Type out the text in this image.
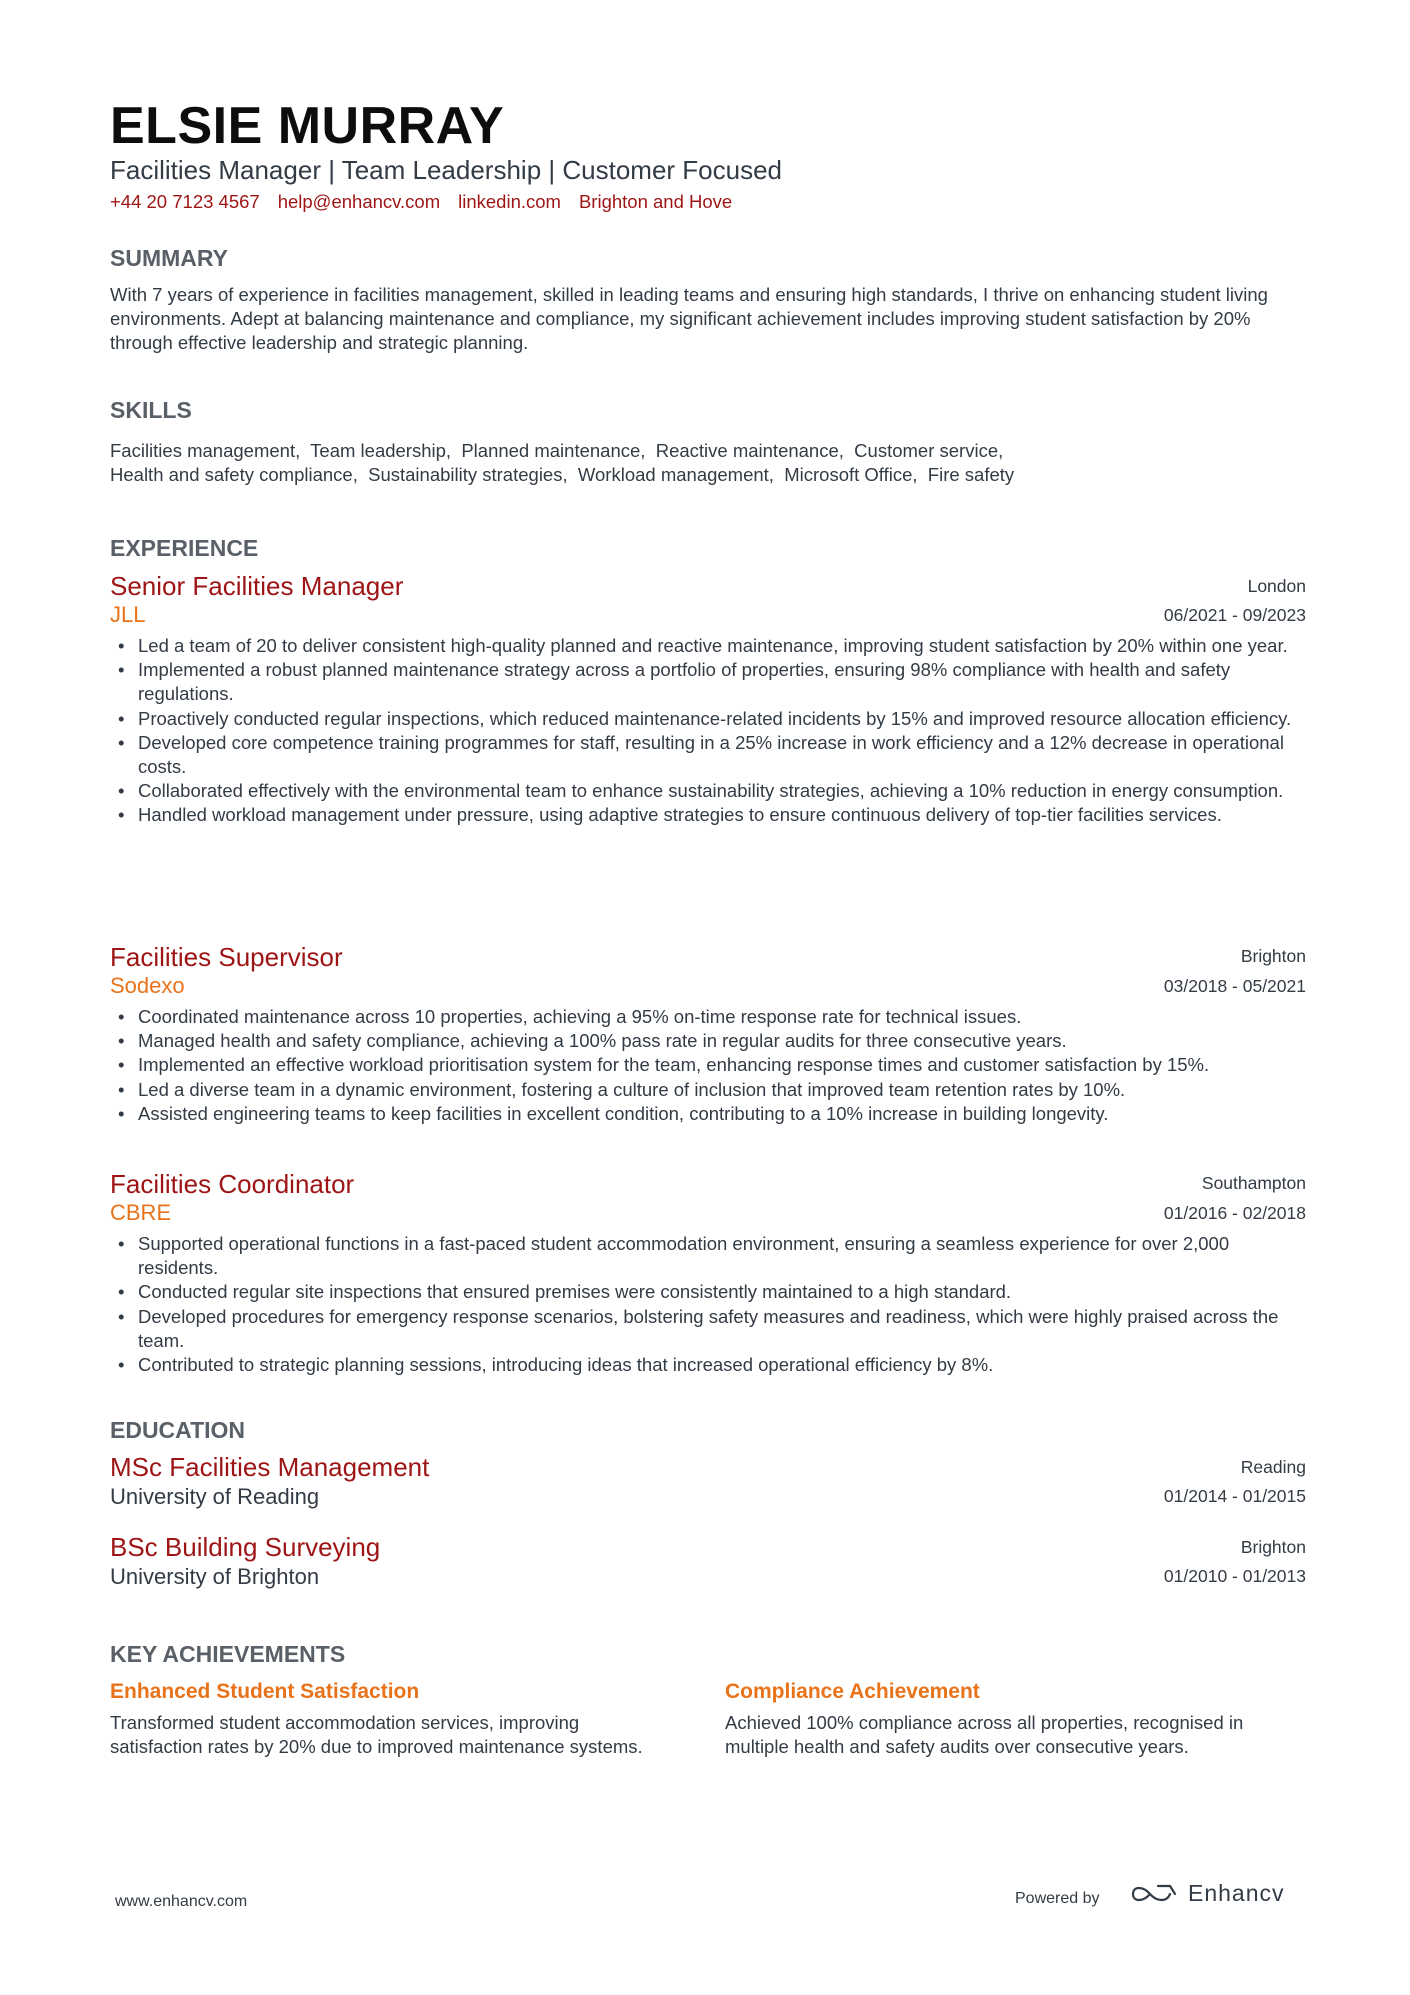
ELSIE MURRAY
Facilities Manager | Team Leadership | Customer Focused
+44 20 7123 4567 help@enhancv.com linkedin.com Brighton and Hove
SUMMARY
With 7 years of experience in facilities management, skilled in leading teams and ensuring high standards, I thrive on enhancing student living environments. Adept at balancing maintenance and compliance, my significant achievement includes improving student satisfaction by 20% through effective leadership and strategic planning.
SKILLS
Facilities management,  Team leadership,  Planned maintenance,  Reactive maintenance,  Customer service,
Health and safety compliance,  Sustainability strategies,  Workload management,  Microsoft Office,  Fire safety
EXPERIENCE
Senior Facilities Manager
JLL
London
06/2021 - 09/2023
• Led a team of 20 to deliver consistent high-quality planned and reactive maintenance, improving student satisfaction by 20% within one year.
• Implemented a robust planned maintenance strategy across a portfolio of properties, ensuring 98% compliance with health and safety regulations.
• Proactively conducted regular inspections, which reduced maintenance-related incidents by 15% and improved resource allocation efficiency.
• Developed core competence training programmes for staff, resulting in a 25% increase in work efficiency and a 12% decrease in operational costs.
• Collaborated effectively with the environmental team to enhance sustainability strategies, achieving a 10% reduction in energy consumption.
• Handled workload management under pressure, using adaptive strategies to ensure continuous delivery of top-tier facilities services.
Facilities Supervisor
Sodexo
Brighton
03/2018 - 05/2021
• Coordinated maintenance across 10 properties, achieving a 95% on-time response rate for technical issues.
• Managed health and safety compliance, achieving a 100% pass rate in regular audits for three consecutive years.
• Implemented an effective workload prioritisation system for the team, enhancing response times and customer satisfaction by 15%.
• Led a diverse team in a dynamic environment, fostering a culture of inclusion that improved team retention rates by 10%.
• Assisted engineering teams to keep facilities in excellent condition, contributing to a 10% increase in building longevity.
Facilities Coordinator
CBRE
Southampton
01/2016 - 02/2018
• Supported operational functions in a fast-paced student accommodation environment, ensuring a seamless experience for over 2,000 residents.
• Conducted regular site inspections that ensured premises were consistently maintained to a high standard.
• Developed procedures for emergency response scenarios, bolstering safety measures and readiness, which were highly praised across the team.
• Contributed to strategic planning sessions, introducing ideas that increased operational efficiency by 8%.
EDUCATION
MSc Facilities Management
University of Reading
Reading
01/2014 - 01/2015
BSc Building Surveying
University of Brighton
Brighton
01/2010 - 01/2013
KEY ACHIEVEMENTS
Enhanced Student Satisfaction
Transformed student accommodation services, improving satisfaction rates by 20% due to improved maintenance systems.
Compliance Achievement
Achieved 100% compliance across all properties, recognised in multiple health and safety audits over consecutive years.
www.enhancv.com	Powered by	Enhancv
